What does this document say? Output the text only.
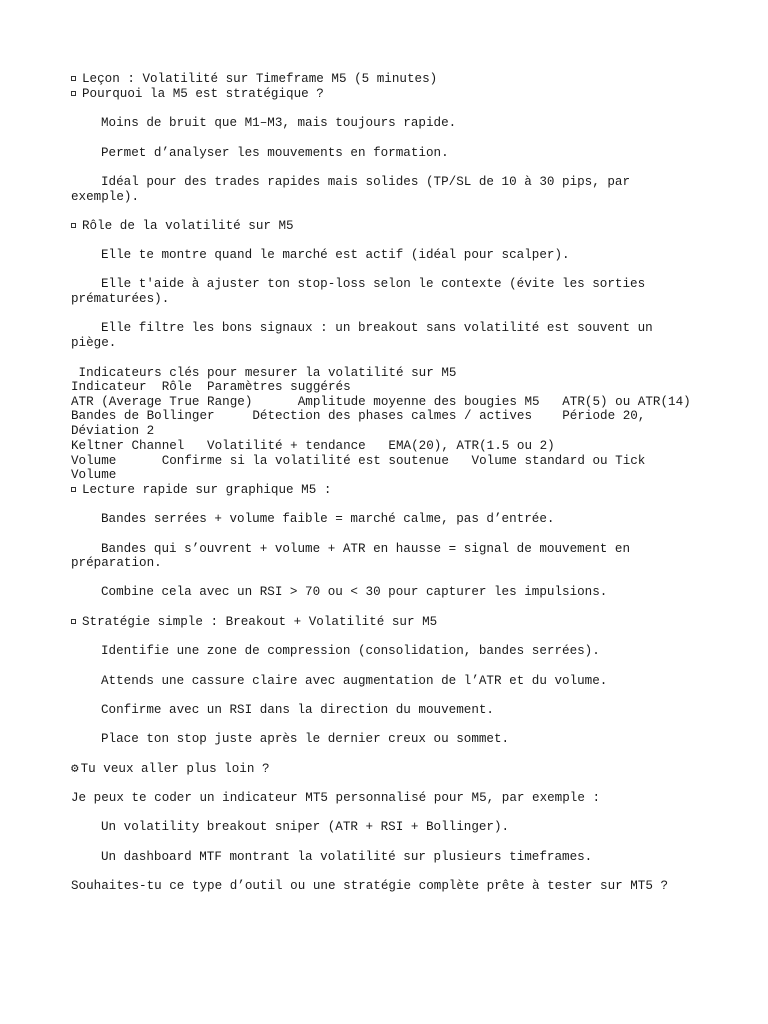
Leçon : Volatilité sur Timeframe M5 (5 minutes)

Pourquoi la M5 est stratégique ?

Moins de bruit que M1–M3, mais toujours rapide.

Permet d’analyser les mouvements en formation.

Idéal pour des trades rapides mais solides (TP/SL de 10 à 30 pips, par

exemple).

Rôle de la volatilité sur M5

Elle te montre quand le marché est actif (idéal pour scalper).

Elle t'aide à ajuster ton stop-loss selon le contexte (évite les sorties

prématurées).

Elle filtre les bons signaux : un breakout sans volatilité est souvent un

piège.

Indicateurs clés pour mesurer la volatilité sur M5

Indicateur  Rôle  Paramètres suggérés

ATR (Average True Range)      Amplitude moyenne des bougies M5   ATR(5) ou ATR(14)

Bandes de Bollinger     Détection des phases calmes / actives    Période 20,

Déviation 2

Keltner Channel   Volatilité + tendance   EMA(20), ATR(1.5 ou 2)

Volume      Confirme si la volatilité est soutenue   Volume standard ou Tick

Volume

Lecture rapide sur graphique M5 :

Bandes serrées + volume faible = marché calme, pas d’entrée.

Bandes qui s’ouvrent + volume + ATR en hausse = signal de mouvement en

préparation.

Combine cela avec un RSI > 70 ou < 30 pour capturer les impulsions.

Stratégie simple : Breakout + Volatilité sur M5

Identifie une zone de compression (consolidation, bandes serrées).

Attends une cassure claire avec augmentation de l’ATR et du volume.

Confirme avec un RSI dans la direction du mouvement.

Place ton stop juste après le dernier creux ou sommet.

⚙ Tu veux aller plus loin ?

Je peux te coder un indicateur MT5 personnalisé pour M5, par exemple :

Un volatility breakout sniper (ATR + RSI + Bollinger).

Un dashboard MTF montrant la volatilité sur plusieurs timeframes.

Souhaites-tu ce type d’outil ou une stratégie complète prête à tester sur MT5 ?
